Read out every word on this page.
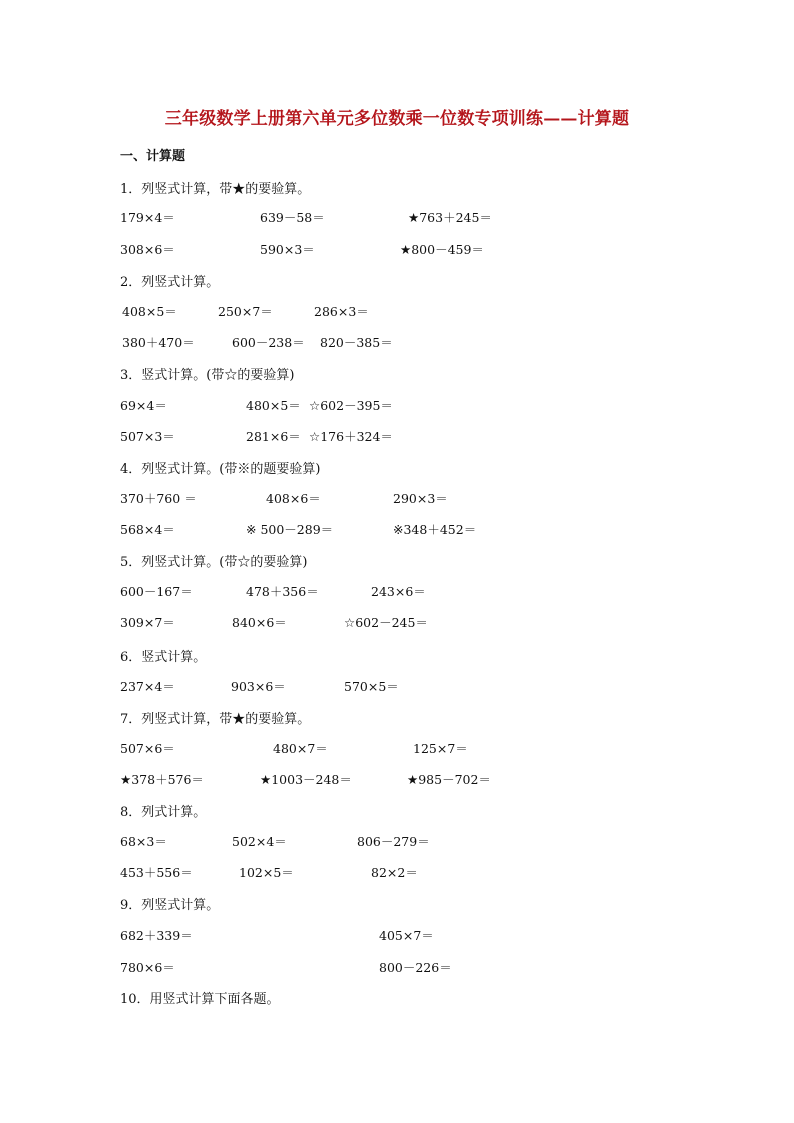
三年级数学上册第六单元多位数乘一位数专项训练——计算题
一、计算题
1．列竖式计算，带★的要验算。
179×4＝	639－58＝	★763＋245＝
308×6＝	590×3＝	★800－459＝
2．列竖式计算。
408×5＝	250×7＝	286×3＝
380＋470＝	600－238＝ 820－385＝
3．竖式计算。(带☆的要验算)
69×4＝	480×5＝ ☆602－395＝
507×3＝	281×6＝ ☆176＋324＝
4．列竖式计算。(带※的题要验算)
370＋760 ＝	408×6＝	290×3＝
568×4＝	※ 500－289＝	※348＋452＝
5．列竖式计算。(带☆的要验算)
600－167＝	478＋356＝	243×6＝
309×7＝	840×6＝	☆602－245＝
6．竖式计算。
237×4＝	903×6＝	570×5＝
7．列竖式计算，带★的要验算。
507×6＝	480×7＝	125×7＝
★378＋576＝	★1003－248＝	★985－702＝
8．列式计算。
68×3＝	502×4＝	806－279＝
453＋556＝	102×5＝	82×2＝
9．列竖式计算。
682＋339＝	405×7＝
780×6＝	800－226＝
10．用竖式计算下面各题。
